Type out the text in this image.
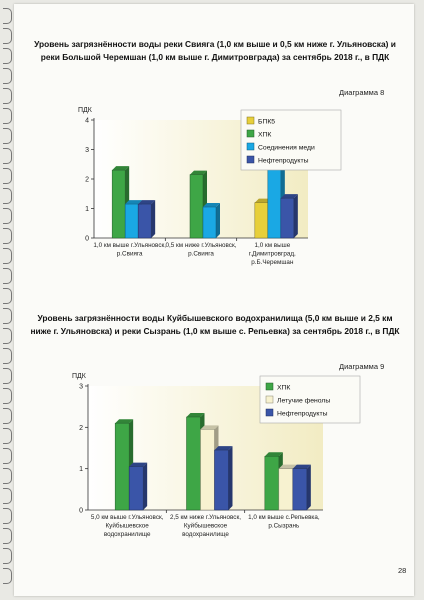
Уровень загрязнённости воды реки Свияга (1,0 км выше и 0,5 км ниже г. Ульяновска) и реки Большой Черемшан (1,0 км выше г. Димитровграда) за сентябрь 2018 г., в ПДК
Диаграмма 8
ПДК
0
1
2
3
4
1,0 км выше г.Ульяновск,
р.Свияга
0,5 км ниже г.Ульяновск,
р.Свияга
1,0 км выше
г.Димитровград,
р.Б.Черемшан
БПК5
ХПК
Соединения меди
Нефтепродукты
Уровень загрязнённости воды Куйбышевского водохранилища (5,0 км выше и 2,5 км ниже г. Ульяновска) и реки Сызрань (1,0 км выше с. Репьевка) за сентябрь 2018 г., в ПДК
Диаграмма 9
ПДК
0
1
2
3
5,0 км выше г.Ульяновск,
Куйбышевское
водохранилище
2,5 км ниже г.Ульяновск,
Куйбышевское
водохранилище
1,0 км выше с.Репьевка,
р.Сызрань
ХПК
Летучие фенолы
Нефтепродукты
28
